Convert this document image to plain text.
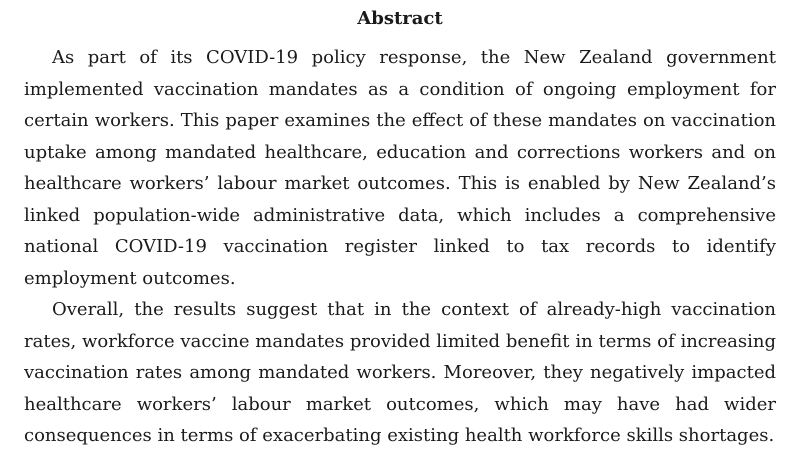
Abstract

As part of its COVID-19 policy response, the New Zealand government implemented vaccination mandates as a condition of ongoing employment for certain workers. This paper examines the effect of these mandates on vaccination uptake among mandated healthcare, education and corrections workers and on healthcare workers’ labour market outcomes. This is enabled by New Zealand’s linked population-wide administrative data, which includes a comprehensive national COVID-19 vaccination register linked to tax records to identify employment outcomes.

Overall, the results suggest that in the context of already-high vaccination rates, workforce vaccine mandates provided limited benefit in terms of increasing vaccination rates among mandated workers. Moreover, they negatively impacted healthcare workers’ labour market outcomes, which may have had wider consequences in terms of exacerbating existing health workforce skills shortages.
